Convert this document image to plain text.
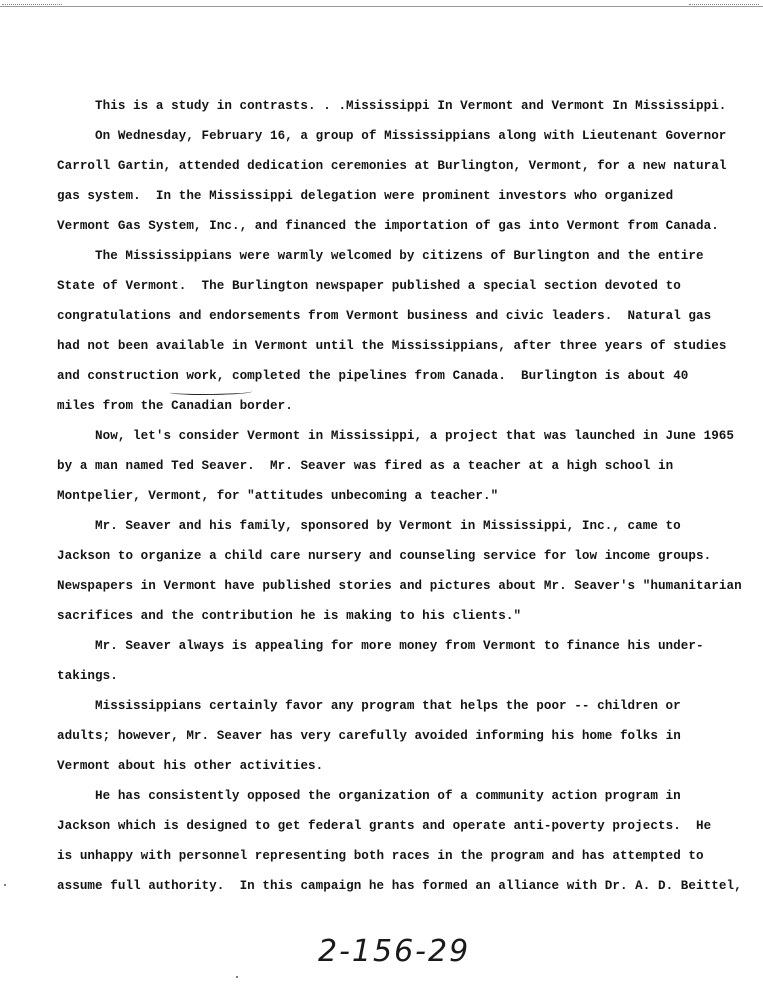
This is a study in contrasts. . .Mississippi In Vermont and Vermont In Mississippi.
On Wednesday, February 16, a group of Mississippians along with Lieutenant Governor
Carroll Gartin, attended dedication ceremonies at Burlington, Vermont, for a new natural
gas system.  In the Mississippi delegation were prominent investors who organized
Vermont Gas System, Inc., and financed the importation of gas into Vermont from Canada.
The Mississippians were warmly welcomed by citizens of Burlington and the entire
State of Vermont.  The Burlington newspaper published a special section devoted to
congratulations and endorsements from Vermont business and civic leaders.  Natural gas
had not been available in Vermont until the Mississippians, after three years of studies
and construction work, completed the pipelines from Canada.  Burlington is about 40
miles from the Canadian border.
Now, let's consider Vermont in Mississippi, a project that was launched in June 1965
by a man named Ted Seaver.  Mr. Seaver was fired as a teacher at a high school in
Montpelier, Vermont, for "attitudes unbecoming a teacher."
Mr. Seaver and his family, sponsored by Vermont in Mississippi, Inc., came to
Jackson to organize a child care nursery and counseling service for low income groups.
Newspapers in Vermont have published stories and pictures about Mr. Seaver's "humanitarian
sacrifices and the contribution he is making to his clients."
Mr. Seaver always is appealing for more money from Vermont to finance his under-
takings.
Mississippians certainly favor any program that helps the poor -- children or
adults; however, Mr. Seaver has very carefully avoided informing his home folks in
Vermont about his other activities.
He has consistently opposed the organization of a community action program in
Jackson which is designed to get federal grants and operate anti-poverty projects.  He
is unhappy with personnel representing both races in the program and has attempted to
assume full authority.  In this campaign he has formed an alliance with Dr. A. D. Beittel,
2-156-29
